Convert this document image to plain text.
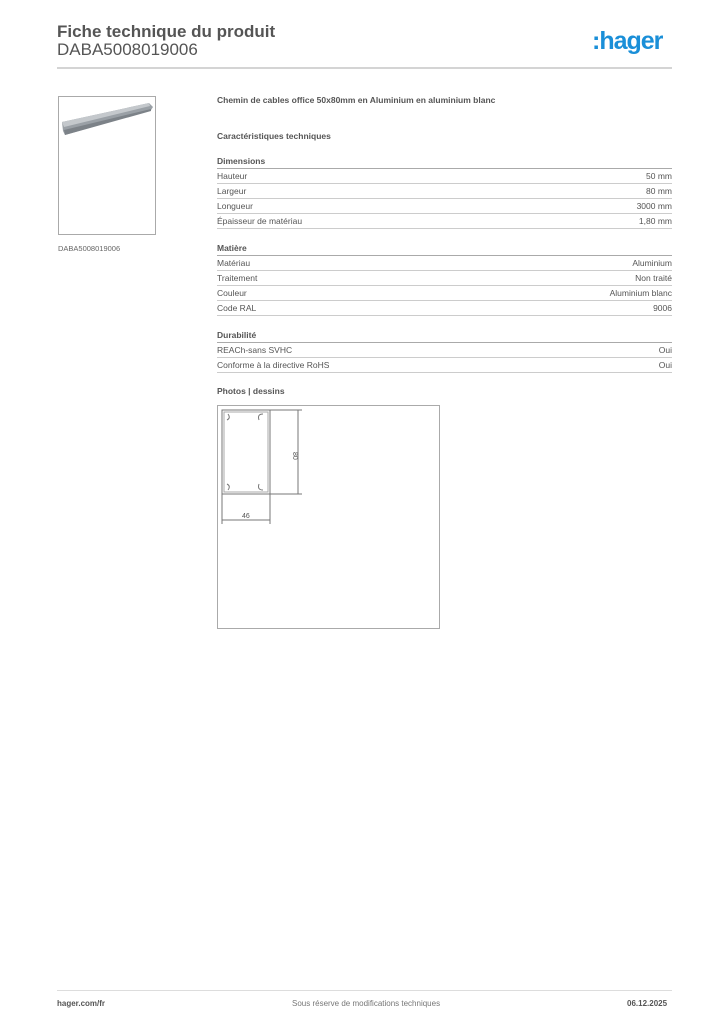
Fiche technique du produit
DABA5008019006	:hager
DABA5008019006
Chemin de cables office 50x80mm en Aluminium en aluminium blanc
Caractéristiques techniques
Dimensions
Hauteur	50 mm
Largeur	80 mm
Longueur	3000 mm
Épaisseur de matériau	1,80 mm
Matière
Matériau	Aluminium
Traitement	Non traité
Couleur	Aluminium blanc
Code RAL	9006
Durabilité
REACh-sans SVHC	Oui
Conforme à la directive RoHS	Oui
Photos | dessins
80
46
hager.com/fr	Sous réserve de modifications techniques	06.12.2025
